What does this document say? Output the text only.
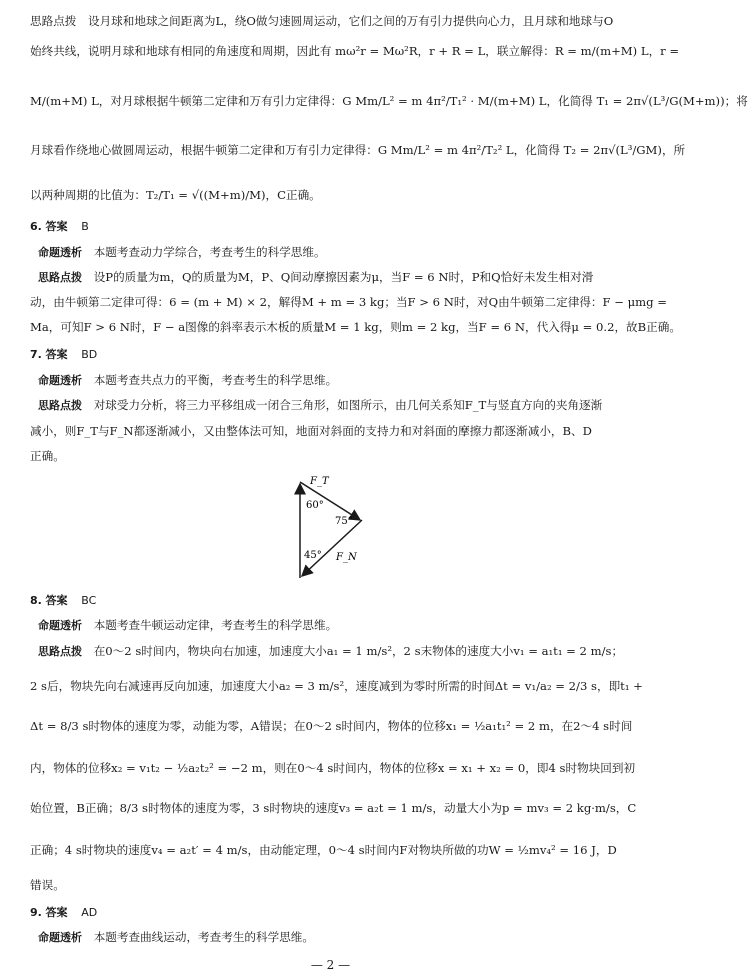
思路点拨　设月球和地球之间距离为L，绕O做匀速圆周运动，它们之间的万有引力提供向心力，且月球和地球与O
始终共线，说明月球和地球有相同的角速度和周期，因此有 mω²r = Mω²R，r + R = L，联立解得：R = m/(m+M) L，r =
M/(m+M) L，对月球根据牛顿第二定律和万有引力定律得：G Mm/L² = m 4π²/T₁² · M/(m+M) L，化简得 T₁ = 2π√(L³/G(M+m))；将
月球看作绕地心做圆周运动，根据牛顿第二定律和万有引力定律得：G Mm/L² = m 4π²/T₂² L，化简得 T₂ = 2π√(L³/GM)，所
以两种周期的比值为：T₂/T₁ = √((M+m)/M)，C正确。
6. 答案 B
命题透析 本题考查动力学综合，考查考生的科学思维。
思路点拨 设P的质量为m，Q的质量为M，P、Q间动摩擦因素为μ，当F = 6 N时，P和Q恰好未发生相对滑
动，由牛顿第二定律可得：6 = (m + M) × 2，解得M + m = 3 kg；当F > 6 N时，对Q由牛顿第二定律得：F − μmg =
Ma，可知F > 6 N时，F − a图像的斜率表示木板的质量M = 1 kg，则m = 2 kg，当F = 6 N，代入得μ = 0.2，故B正确。
7. 答案 BD
命题透析 本题考查共点力的平衡，考查考生的科学思维。
思路点拨 对球受力分析，将三力平移组成一闭合三角形，如图所示，由几何关系知F_T与竖直方向的夹角逐渐
减小，则F_T与F_N都逐渐减小，又由整体法可知，地面对斜面的支持力和对斜面的摩擦力都逐渐减小，B、D
正确。
F_T
60°
75°
45° F_N
8. 答案 BC
命题透析 本题考查牛顿运动定律，考查考生的科学思维。
思路点拨 在0～2 s时间内，物块向右加速，加速度大小a₁ = 1 m/s²，2 s末物体的速度大小v₁ = a₁t₁ = 2 m/s；
2 s后，物块先向右减速再反向加速，加速度大小a₂ = 3 m/s²，速度减到为零时所需的时间Δt = v₁/a₂ = 2/3 s，即t₁ +
Δt = 8/3 s时物体的速度为零，动能为零，A错误；在0～2 s时间内，物体的位移x₁ = ½a₁t₁² = 2 m，在2～4 s时间
内，物体的位移x₂ = v₁t₂ − ½a₂t₂² = −2 m，则在0～4 s时间内，物体的位移x = x₁ + x₂ = 0，即4 s时物块回到初
始位置，B正确；8/3 s时物体的速度为零，3 s时物块的速度v₃ = a₂t = 1 m/s，动量大小为p = mv₃ = 2 kg·m/s，C
正确；4 s时物块的速度v₄ = a₂t′ = 4 m/s，由动能定理，0～4 s时间内F对物块所做的功W = ½mv₄² = 16 J，D
错误。
9. 答案 AD
命题透析 本题考查曲线运动，考查考生的科学思维。
— 2 —
